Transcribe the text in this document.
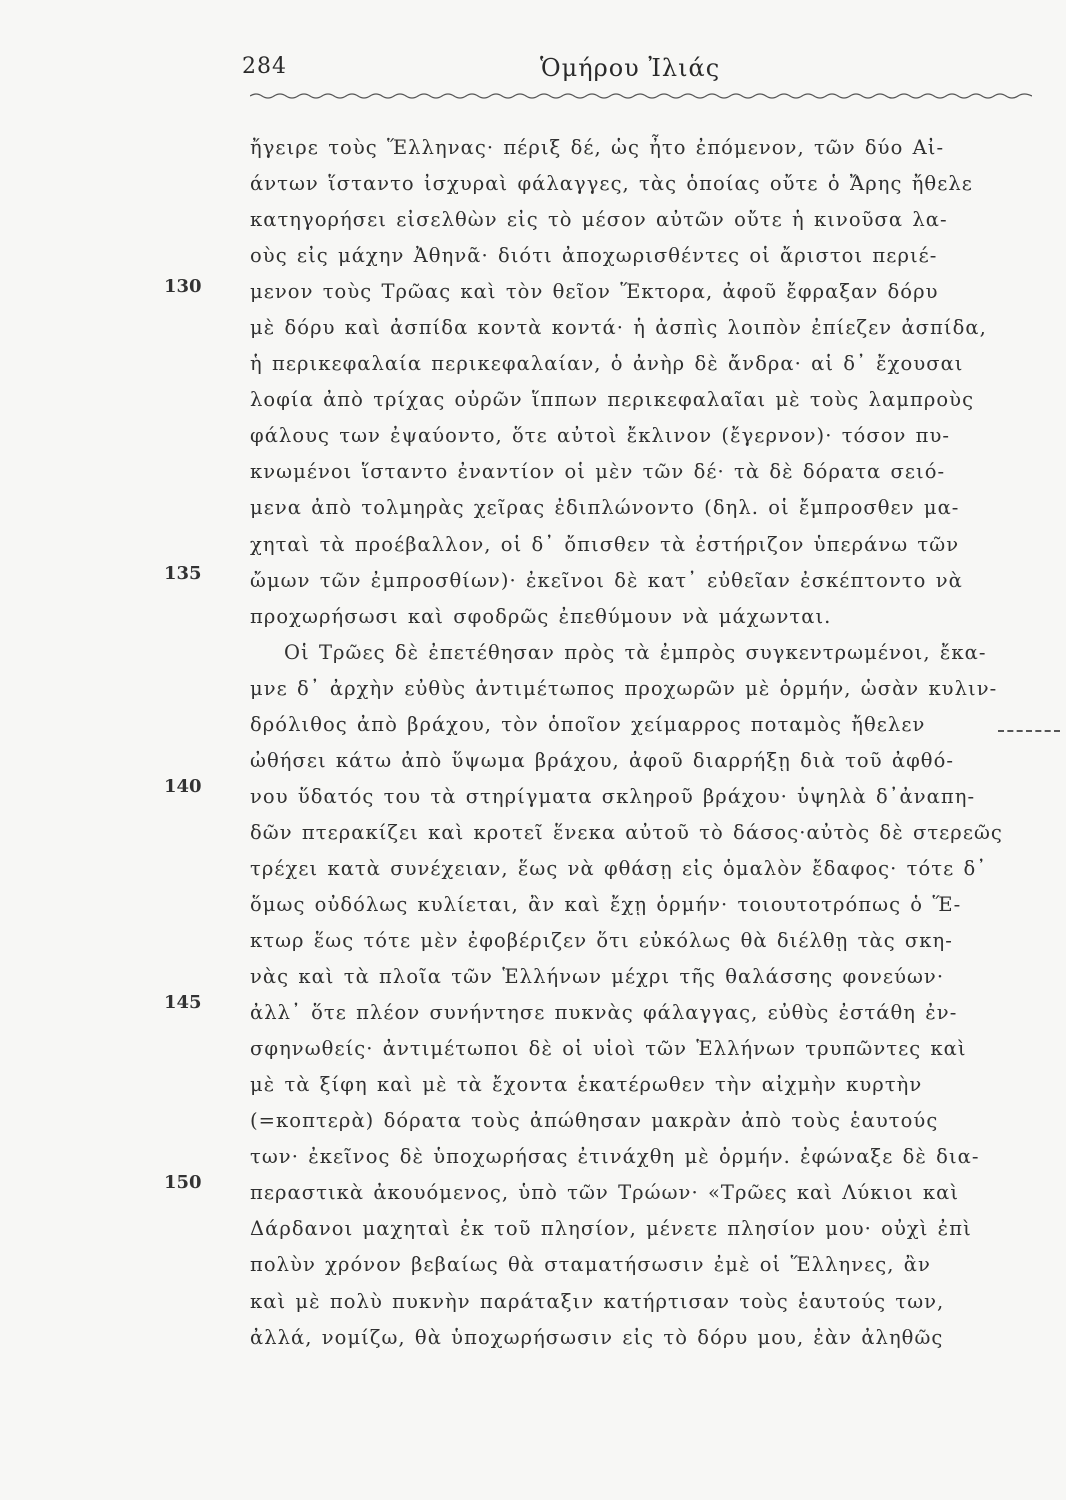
284	Ὁμήρου Ἰλιάς
130
135
140
145
150
ἤγειρε τοὺς Ἕλληνας· πέριξ δέ, ὡς ἦτο ἐπόμενον, τῶν δύο Αἰ-
άντων ἵσταντο ἰσχυραὶ φάλαγγες, τὰς ὁποίας οὔτε ὁ Ἄρης ἤθελε
κατηγορήσει εἰσελθὼν εἰς τὸ μέσον αὐτῶν οὔτε ἡ κινοῦσα λα-
οὺς εἰς μάχην Ἀθηνᾶ· διότι ἀποχωρισθέντες οἱ ἄριστοι περιέ-
μενον τοὺς Τρῶας καὶ τὸν θεῖον Ἕκτορα, ἀφοῦ ἔφραξαν δόρυ
μὲ δόρυ καὶ ἀσπίδα κοντὰ κοντά· ἡ ἀσπὶς λοιπὸν ἐπίεζεν ἀσπίδα,
ἡ περικεφαλαία περικεφαλαίαν, ὁ ἀνὴρ δὲ ἄνδρα· αἱ δ᾽ ἔχουσαι
λοφία ἀπὸ τρίχας οὐρῶν ἵππων περικεφαλαῖαι μὲ τοὺς λαμπροὺς
φάλους των ἐψαύοντο, ὅτε αὐτοὶ ἔκλινον (ἔγερνον)· τόσον πυ-
κνωμένοι ἵσταντο ἐναντίον οἱ μὲν τῶν δέ· τὰ δὲ δόρατα σειό-
μενα ἀπὸ τολμηρὰς χεῖρας ἐδιπλώνοντο (δηλ. οἱ ἔμπροσθεν μα-
χηταὶ τὰ προέβαλλον, οἱ δ᾽ ὄπισθεν τὰ ἐστήριζον ὑπεράνω τῶν
ὤμων τῶν ἐμπροσθίων)· ἐκεῖνοι δὲ κατ᾽ εὐθεῖαν ἐσκέπτοντο νὰ
προχωρήσωσι καὶ σφοδρῶς ἐπεθύμουν νὰ μάχωνται.
Οἱ Τρῶες δὲ ἐπετέθησαν πρὸς τὰ ἐμπρὸς συγκεντρωμένοι, ἔκα-
μνε δ᾽ ἀρχὴν εὐθὺς ἀντιμέτωπος προχωρῶν μὲ ὁρμήν, ὡσὰν κυλιν-
δρόλιθος ἀπὸ βράχου, τὸν ὁποῖον χείμαρρος ποταμὸς ἤθελεν
ὠθήσει κάτω ἀπὸ ὕψωμα βράχου, ἀφοῦ διαρρήξῃ διὰ τοῦ ἀφθό-
νου ὕδατός του τὰ στηρίγματα σκληροῦ βράχου· ὑψηλὰ δ᾽ἀναπη-
δῶν πτερακίζει καὶ κροτεῖ ἕνεκα αὐτοῦ τὸ δάσος·αὐτὸς δὲ στερεῶς
τρέχει κατὰ συνέχειαν, ἕως νὰ φθάσῃ εἰς ὁμαλὸν ἔδαφος· τότε δ᾽
ὅμως οὐδόλως κυλίεται, ἂν καὶ ἔχῃ ὁρμήν· τοιουτοτρόπως ὁ Ἕ-
κτωρ ἕως τότε μὲν ἐφοβέριζεν ὅτι εὐκόλως θὰ διέλθῃ τὰς σκη-
νὰς καὶ τὰ πλοῖα τῶν Ἑλλήνων μέχρι τῆς θαλάσσης φονεύων·
ἀλλ᾽ ὅτε πλέον συνήντησε πυκνὰς φάλαγγας, εὐθὺς ἐστάθη ἐν-
σφηνωθείς· ἀντιμέτωποι δὲ οἱ υἱοὶ τῶν Ἑλλήνων τρυπῶντες καὶ
μὲ τὰ ξίφη καὶ μὲ τὰ ἔχοντα ἑκατέρωθεν τὴν αἰχμὴν κυρτὴν
(=κοπτερὰ) δόρατα τοὺς ἀπώθησαν μακρὰν ἀπὸ τοὺς ἑαυτούς
των· ἐκεῖνος δὲ ὑποχωρήσας ἐτινάχθη μὲ ὁρμήν. ἐφώναξε δὲ δια-
περαστικὰ ἀκουόμενος, ὑπὸ τῶν Τρώων· «Τρῶες καὶ Λύκιοι καὶ
Δάρδανοι μαχηταὶ ἐκ τοῦ πλησίον, μένετε πλησίον μου· οὐχὶ ἐπὶ
πολὺν χρόνον βεβαίως θὰ σταματήσωσιν ἐμὲ οἱ Ἕλληνες, ἂν
καὶ μὲ πολὺ πυκνὴν παράταξιν κατήρτισαν τοὺς ἑαυτούς των,
ἀλλά, νομίζω, θὰ ὑποχωρήσωσιν εἰς τὸ δόρυ μου, ἐὰν ἀληθῶς
